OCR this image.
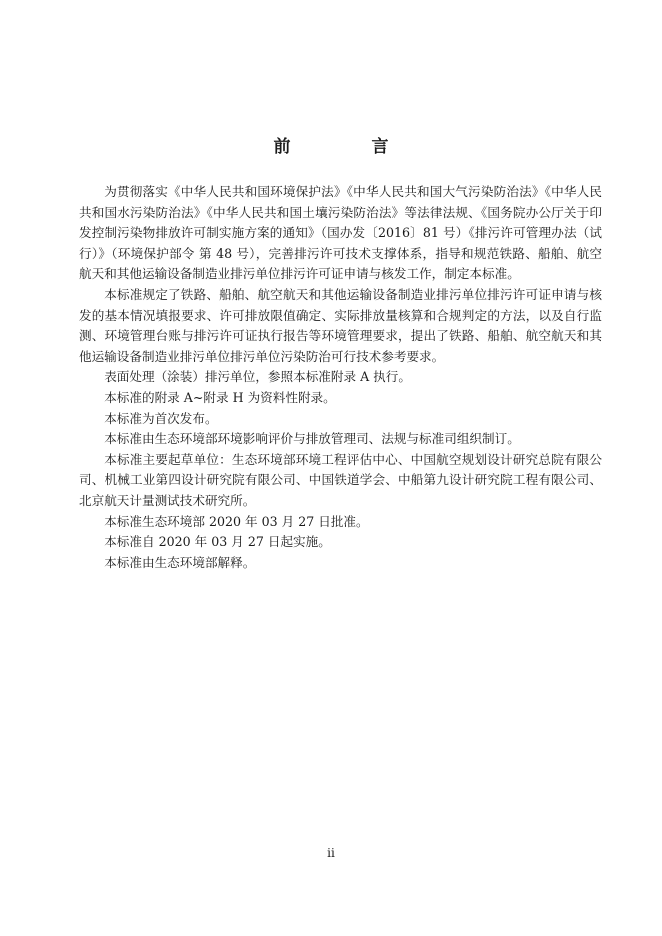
前　言

为贯彻落实《中华人民共和国环境保护法》《中华人民共和国大气污染防治法》《中华人民共和国水污染防治法》《中华人民共和国土壤污染防治法》等法律法规、《国务院办公厅关于印发控制污染物排放许可制实施方案的通知》（国办发〔2016〕81 号）《排污许可管理办法（试行）》（环境保护部令 第 48 号），完善排污许可技术支撑体系，指导和规范铁路、船舶、航空航天和其他运输设备制造业排污单位排污许可证申请与核发工作，制定本标准。

本标准规定了铁路、船舶、航空航天和其他运输设备制造业排污单位排污许可证申请与核发的基本情况填报要求、许可排放限值确定、实际排放量核算和合规判定的方法，以及自行监测、环境管理台账与排污许可证执行报告等环境管理要求，提出了铁路、船舶、航空航天和其他运输设备制造业排污单位排污单位污染防治可行技术参考要求。

表面处理（涂装）排污单位，参照本标准附录 A 执行。

本标准的附录 A~附录 H 为资料性附录。

本标准为首次发布。

本标准由生态环境部环境影响评价与排放管理司、法规与标准司组织制订。

本标准主要起草单位：生态环境部环境工程评估中心、中国航空规划设计研究总院有限公司、机械工业第四设计研究院有限公司、中国铁道学会、中船第九设计研究院工程有限公司、北京航天计量测试技术研究所。

本标准生态环境部 2020 年 03 月 27 日批准。

本标准自 2020 年 03 月 27 日起实施。

本标准由生态环境部解释。

ii
